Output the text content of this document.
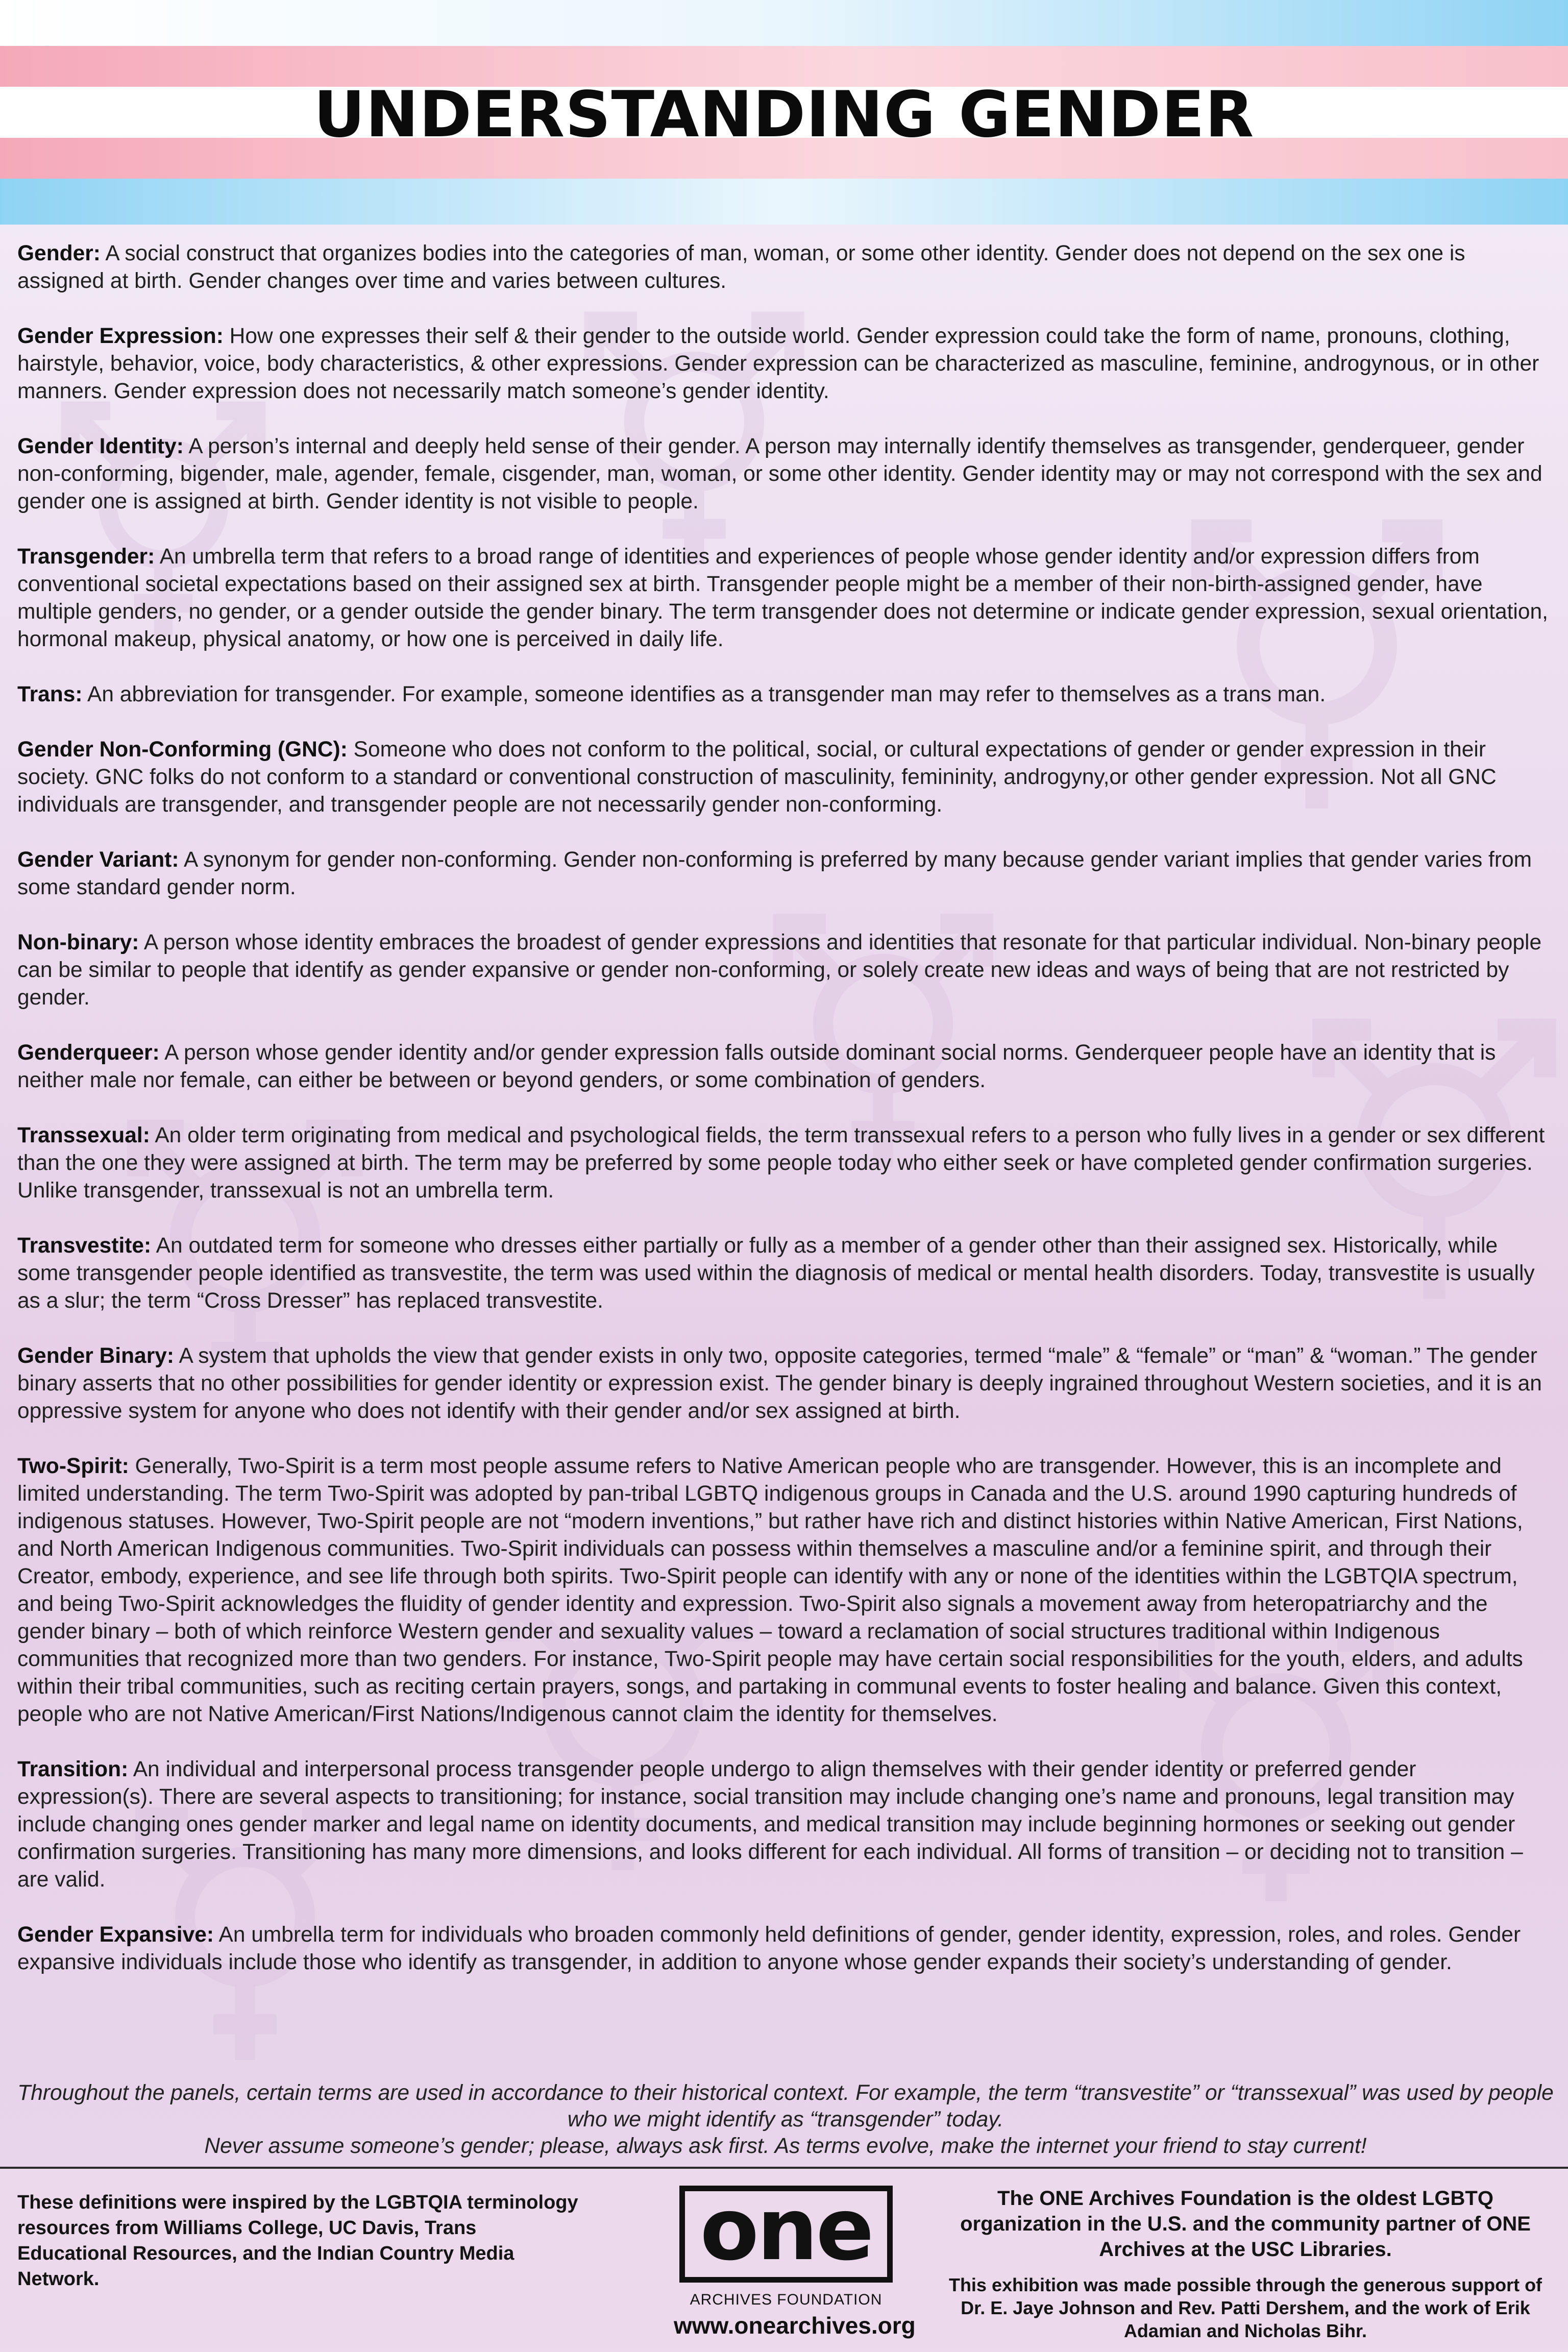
UNDERSTANDING GENDER

Gender: A social construct that organizes bodies into the categories of man, woman, or some other identity. Gender does not depend on the sex one is assigned at birth. Gender changes over time and varies between cultures.

Gender Expression: How one expresses their self & their gender to the outside world. Gender expression could take the form of name, pronouns, clothing, hairstyle, behavior, voice, body characteristics, & other expressions. Gender expression can be characterized as masculine, feminine, androgynous, or in other manners. Gender expression does not necessarily match someone’s gender identity.

Gender Identity: A person’s internal and deeply held sense of their gender. A person may internally identify themselves as transgender, genderqueer, gender non-conforming, bigender, male, agender, female, cisgender, man, woman, or some other identity. Gender identity may or may not correspond with the sex and gender one is assigned at birth. Gender identity is not visible to people.

Transgender: An umbrella term that refers to a broad range of identities and experiences of people whose gender identity and/or expression differs from conventional societal expectations based on their assigned sex at birth. Transgender people might be a member of their non-birth-assigned gender, have multiple genders, no gender, or a gender outside the gender binary. The term transgender does not determine or indicate gender expression, sexual orientation, hormonal makeup, physical anatomy, or how one is perceived in daily life.

Trans: An abbreviation for transgender. For example, someone identifies as a transgender man may refer to themselves as a trans man.

Gender Non-Conforming (GNC): Someone who does not conform to the political, social, or cultural expectations of gender or gender expression in their society. GNC folks do not conform to a standard or conventional construction of masculinity, femininity, androgyny,or other gender expression. Not all GNC individuals are transgender, and transgender people are not necessarily gender non-conforming.

Gender Variant: A synonym for gender non-conforming. Gender non-conforming is preferred by many because gender variant implies that gender varies from some standard gender norm.

Non-binary: A person whose identity embraces the broadest of gender expressions and identities that resonate for that particular individual. Non-binary people can be similar to people that identify as gender expansive or gender non-conforming, or solely create new ideas and ways of being that are not restricted by gender.

Genderqueer: A person whose gender identity and/or gender expression falls outside dominant social norms. Genderqueer people have an identity that is neither male nor female, can either be between or beyond genders, or some combination of genders.

Transsexual: An older term originating from medical and psychological fields, the term transsexual refers to a person who fully lives in a gender or sex different than the one they were assigned at birth. The term may be preferred by some people today who either seek or have completed gender confirmation surgeries. Unlike transgender, transsexual is not an umbrella term.

Transvestite: An outdated term for someone who dresses either partially or fully as a member of a gender other than their assigned sex. Historically, while some transgender people identified as transvestite, the term was used within the diagnosis of medical or mental health disorders. Today, transvestite is usually as a slur; the term “Cross Dresser” has replaced transvestite.

Gender Binary: A system that upholds the view that gender exists in only two, opposite categories, termed “male” & “female” or “man” & “woman.” The gender binary asserts that no other possibilities for gender identity or expression exist. The gender binary is deeply ingrained throughout Western societies, and it is an oppressive system for anyone who does not identify with their gender and/or sex assigned at birth.

Two-Spirit: Generally, Two-Spirit is a term most people assume refers to Native American people who are transgender. However, this is an incomplete and limited understanding. The term Two-Spirit was adopted by pan-tribal LGBTQ indigenous groups in Canada and the U.S. around 1990 capturing hundreds of indigenous statuses. However, Two-Spirit people are not “modern inventions,” but rather have rich and distinct histories within Native American, First Nations, and North American Indigenous communities. Two-Spirit individuals can possess within themselves a masculine and/or a feminine spirit, and through their Creator, embody, experience, and see life through both spirits. Two-Spirit people can identify with any or none of the identities within the LGBTQIA spectrum, and being Two-Spirit acknowledges the fluidity of gender identity and expression. Two-Spirit also signals a movement away from heteropatriarchy and the gender binary – both of which reinforce Western gender and sexuality values – toward a reclamation of social structures traditional within Indigenous communities that recognized more than two genders. For instance, Two-Spirit people may have certain social responsibilities for the youth, elders, and adults within their tribal communities, such as reciting certain prayers, songs, and partaking in communal events to foster healing and balance. Given this context, people who are not Native American/First Nations/Indigenous cannot claim the identity for themselves.

Transition: An individual and interpersonal process transgender people undergo to align themselves with their gender identity or preferred gender expression(s). There are several aspects to transitioning; for instance, social transition may include changing one’s name and pronouns, legal transition may include changing ones gender marker and legal name on identity documents, and medical transition may include beginning hormones or seeking out gender confirmation surgeries. Transitioning has many more dimensions, and looks different for each individual. All forms of transition – or deciding not to transition – are valid.

Gender Expansive: An umbrella term for individuals who broaden commonly held definitions of gender, gender identity, expression, roles, and roles. Gender expansive individuals include those who identify as transgender, in addition to anyone whose gender expands their society’s understanding of gender.

Throughout the panels, certain terms are used in accordance to their historical context. For example, the term “transvestite” or “transsexual” was used by people who we might identify as “transgender” today.

Never assume someone’s gender; please, always ask first. As terms evolve, make the internet your friend to stay current!

These definitions were inspired by the LGBTQIA terminology resources from Williams College, UC Davis, Trans Educational Resources, and the Indian Country Media Network.	one
ARCHIVES FOUNDATION
www.onearchives.org

The ONE Archives Foundation is the oldest LGBTQ organization in the U.S. and the community partner of ONE Archives at the USC Libraries.

This exhibition was made possible through the generous support of Dr. E. Jaye Johnson and Rev. Patti Dershem, and the work of Erik Adamian and Nicholas Bihr.
